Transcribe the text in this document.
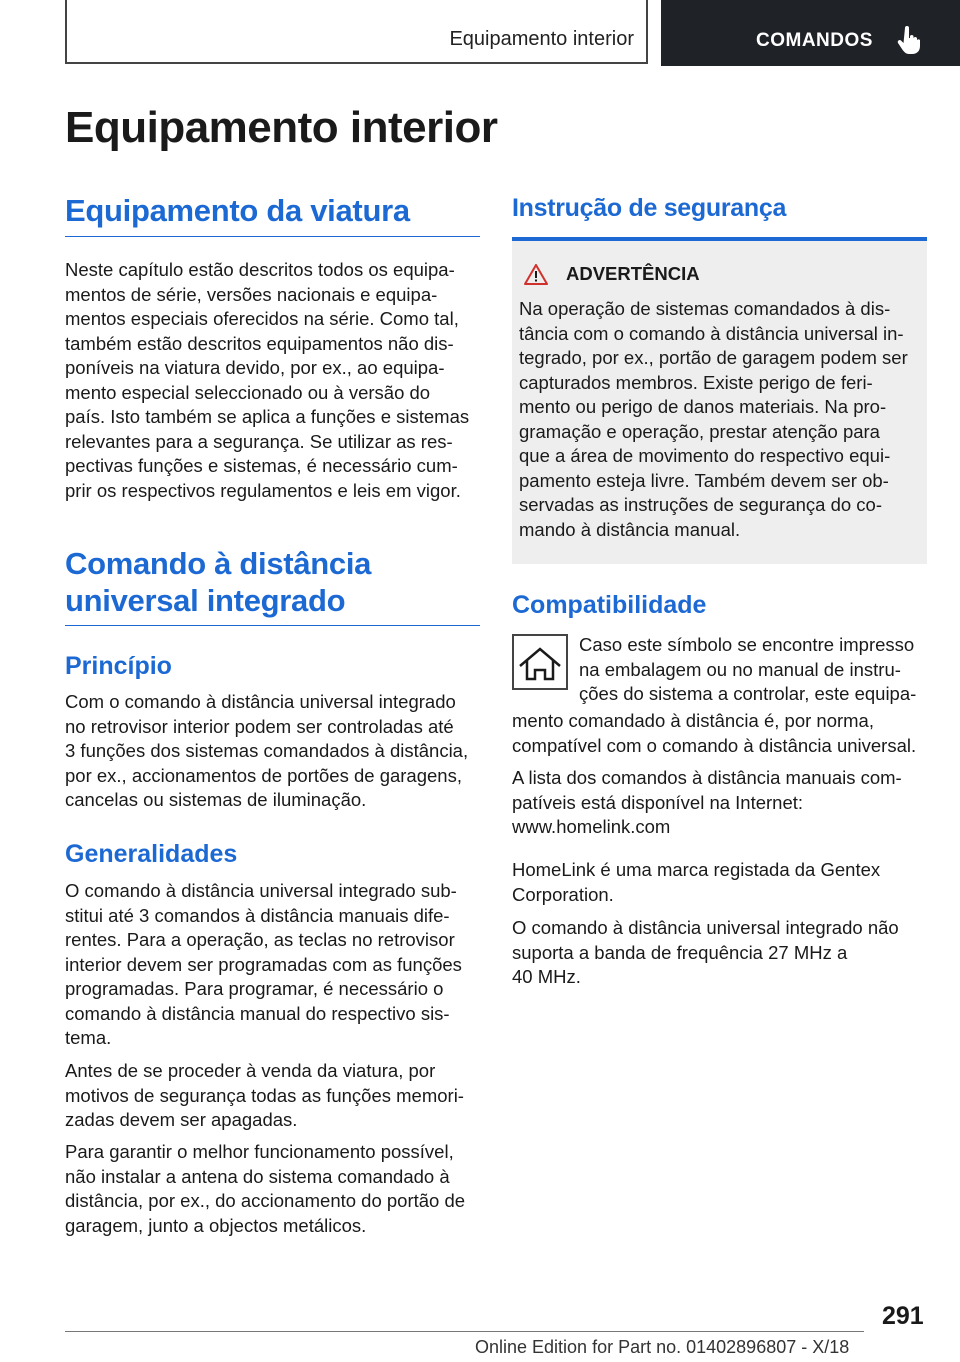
Equipamento interior	COMANDOS
Equipamento interior
Equipamento da viatura

Neste capítulo estão descritos todos os equipa‐

mentos de série, versões nacionais e equipa‐

mentos especiais oferecidos na série. Como tal,

também estão descritos equipamentos não dis‐

poníveis na viatura devido, por ex., ao equipa‐

mento especial seleccionado ou à versão do

país. Isto também se aplica a funções e sistemas

relevantes para a segurança. Se utilizar as res‐

pectivas funções e sistemas, é necessário cum‐

prir os respectivos regulamentos e leis em vigor.

Comando à distância
universal integrado
Princípio

Com o comando à distância universal integrado

no retrovisor interior podem ser controladas até

3 funções dos sistemas comandados à distância,

por ex., accionamentos de portões de garagens,

cancelas ou sistemas de iluminação.

Generalidades

O comando à distância universal integrado sub‐

stitui até 3 comandos à distância manuais dife‐

rentes. Para a operação, as teclas no retrovisor

interior devem ser programadas com as funções

programadas. Para programar, é necessário o

comando à distância manual do respectivo sis‐

tema.

Antes de se proceder à venda da viatura, por

motivos de segurança todas as funções memori‐

zadas devem ser apagadas.

Para garantir o melhor funcionamento possível,

não instalar a antena do sistema comandado à

distância, por ex., do accionamento do portão de

garagem, junto a objectos metálicos.

Instrução de segurança
ADVERTÊNCIA

Na operação de sistemas comandados à dis‐

tância com o comando à distância universal in‐

tegrado, por ex., portão de garagem podem ser

capturados membros. Existe perigo de feri‐

mento ou perigo de danos materiais. Na pro‐

gramação e operação, prestar atenção para

que a área de movimento do respectivo equi‐

pamento esteja livre. Também devem ser ob‐

servadas as instruções de segurança do co‐

mando à distância manual.

Compatibilidade

Caso este símbolo se encontre impresso

na embalagem ou no manual de instru‐

ções do sistema a controlar, este equipa‐

mento comandado à distância é, por norma,

compatível com o comando à distância universal.

A lista dos comandos à distância manuais com‐

patíveis está disponível na Internet:

www.homelink.com

HomeLink é uma marca registada da Gentex

Corporation.

O comando à distância universal integrado não

suporta a banda de frequência 27 MHz a

40 MHz.

291
Online Edition for Part no. 01402896807 - X/18
